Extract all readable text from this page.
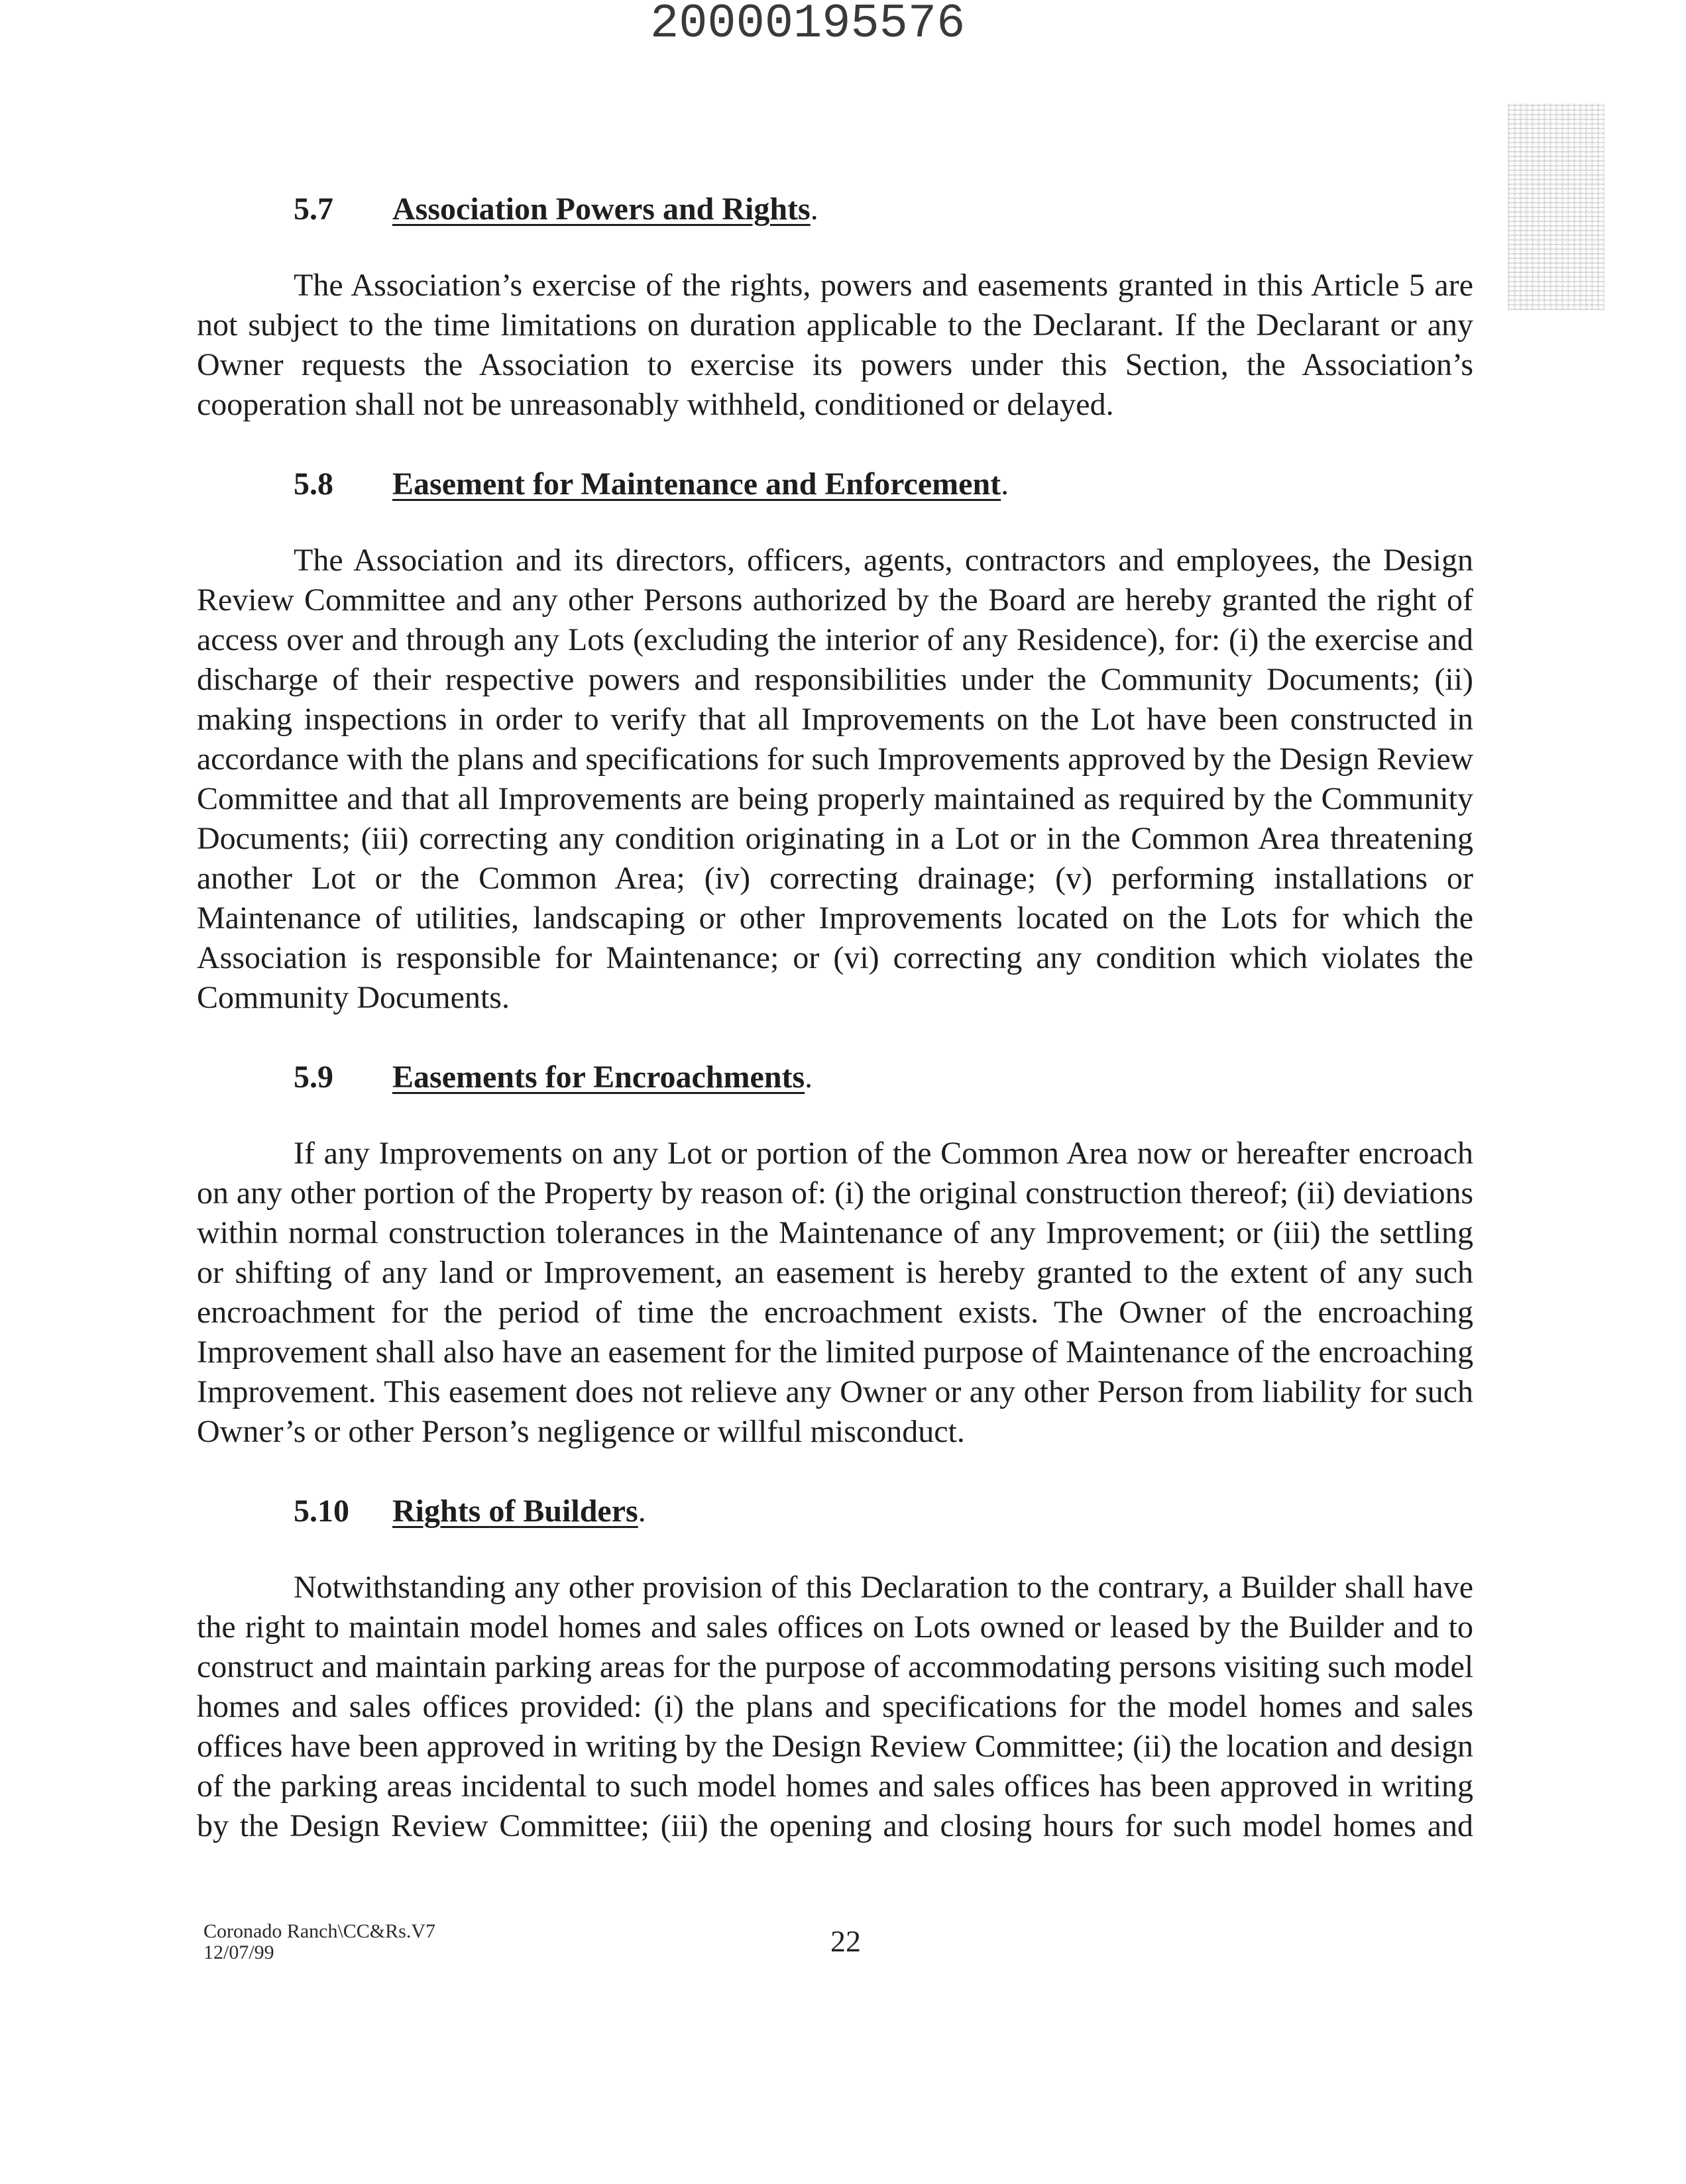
20000195576
5.7 Association Powers and Rights.
The Association’s exercise of the rights, powers and easements granted in this Article 5 are
not subject to the time limitations on duration applicable to the Declarant. If the Declarant or any
Owner requests the Association to exercise its powers under this Section, the Association’s
cooperation shall not be unreasonably withheld, conditioned or delayed.
5.8 Easement for Maintenance and Enforcement.
The Association and its directors, officers, agents, contractors and employees, the Design
Review Committee and any other Persons authorized by the Board are hereby granted the right of
access over and through any Lots (excluding the interior of any Residence), for: (i) the exercise and
discharge of their respective powers and responsibilities under the Community Documents; (ii)
making inspections in order to verify that all Improvements on the Lot have been constructed in
accordance with the plans and specifications for such Improvements approved by the Design Review
Committee and that all Improvements are being properly maintained as required by the Community
Documents; (iii) correcting any condition originating in a Lot or in the Common Area threatening
another Lot or the Common Area; (iv) correcting drainage; (v) performing installations or
Maintenance of utilities, landscaping or other Improvements located on the Lots for which the
Association is responsible for Maintenance; or (vi) correcting any condition which violates the
Community Documents.
5.9 Easements for Encroachments.
If any Improvements on any Lot or portion of the Common Area now or hereafter encroach
on any other portion of the Property by reason of: (i) the original construction thereof; (ii) deviations
within normal construction tolerances in the Maintenance of any Improvement; or (iii) the settling
or shifting of any land or Improvement, an easement is hereby granted to the extent of any such
encroachment for the period of time the encroachment exists. The Owner of the encroaching
Improvement shall also have an easement for the limited purpose of Maintenance of the encroaching
Improvement. This easement does not relieve any Owner or any other Person from liability for such
Owner’s or other Person’s negligence or willful misconduct.
5.10 Rights of Builders.
Notwithstanding any other provision of this Declaration to the contrary, a Builder shall have
the right to maintain model homes and sales offices on Lots owned or leased by the Builder and to
construct and maintain parking areas for the purpose of accommodating persons visiting such model
homes and sales offices provided: (i) the plans and specifications for the model homes and sales
offices have been approved in writing by the Design Review Committee; (ii) the location and design
of the parking areas incidental to such model homes and sales offices has been approved in writing
by the Design Review Committee; (iii) the opening and closing hours for such model homes and
Coronado Ranch\CC&Rs.V7
12/07/99	22
